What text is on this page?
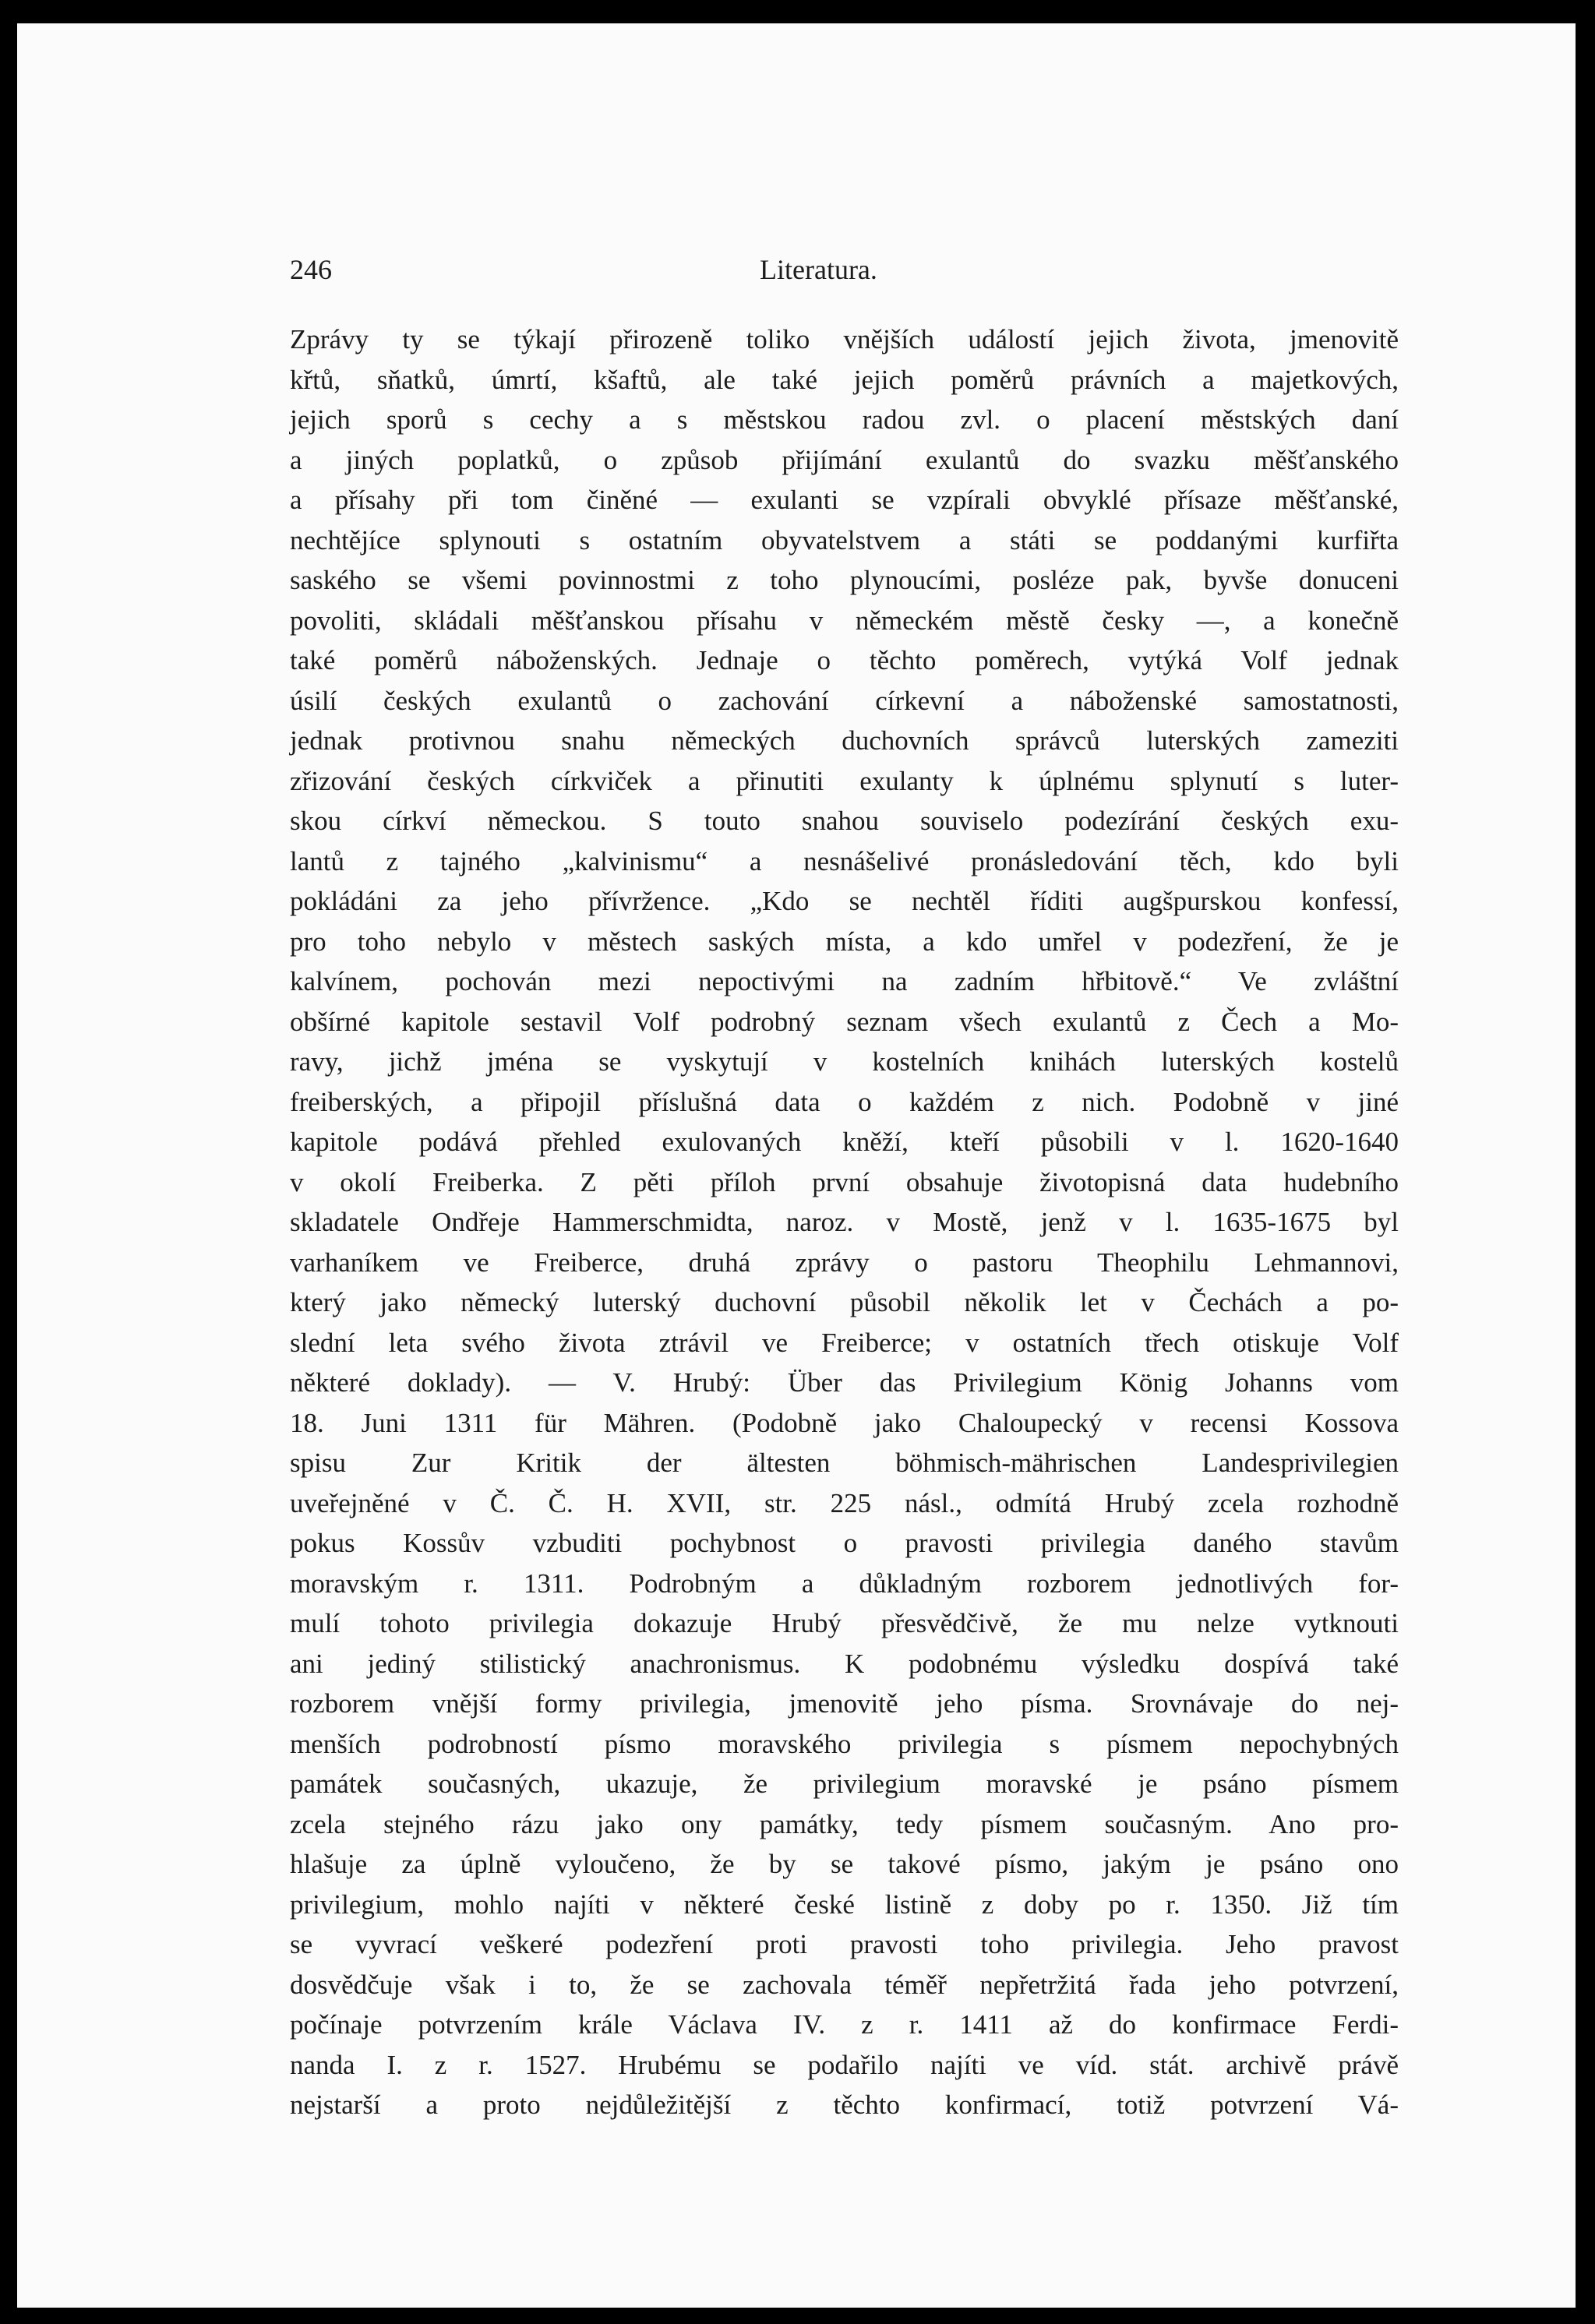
246	Literatura.
Zprávy ty se týkají přirozeně toliko vnějších událostí jejich života, jmenovitě
křtů, sňatků, úmrtí, kšaftů, ale také jejich poměrů právních a majetkových,
jejich sporů s cechy a s městskou radou zvl. o placení městských daní
a jiných poplatků, o způsob přijímání exulantů do svazku měšťanského
a přísahy při tom činěné — exulanti se vzpírali obvyklé přísaze měšťanské,
nechtějíce splynouti s ostatním obyvatelstvem a státi se poddanými kurfiřta
saského se všemi povinnostmi z toho plynoucími, posléze pak, byvše donuceni
povoliti, skládali měšťanskou přísahu v německém městě česky —, a konečně
také poměrů náboženských. Jednaje o těchto poměrech, vytýká Volf jednak
úsilí českých exulantů o zachování církevní a náboženské samostatnosti,
jednak protivnou snahu německých duchovních správců luterských zameziti
zřizování českých církviček a přinutiti exulanty k úplnému splynutí s luter-
skou církví německou. S touto snahou souviselo podezírání českých exu-
lantů z tajného „kalvinismu“ a nesnášelivé pronásledování těch, kdo byli
pokládáni za jeho přívržence. „Kdo se nechtěl říditi augšpurskou konfessí,
pro toho nebylo v městech saských místa, a kdo umřel v podezření, že je
kalvínem, pochován mezi nepoctivými na zadním hřbitově.“ Ve zvláštní
obšírné kapitole sestavil Volf podrobný seznam všech exulantů z Čech a Mo-
ravy, jichž jména se vyskytují v kostelních knihách luterských kostelů
freiberských, a připojil příslušná data o každém z nich. Podobně v jiné
kapitole podává přehled exulovaných kněží, kteří působili v l. 1620-1640
v okolí Freiberka. Z pěti příloh první obsahuje životopisná data hudebního
skladatele Ondřeje Hammerschmidta, naroz. v Mostě, jenž v l. 1635-1675 byl
varhaníkem ve Freiberce, druhá zprávy o pastoru Theophilu Lehmannovi,
který jako německý luterský duchovní působil několik let v Čechách a po-
slední leta svého života ztrávil ve Freiberce; v ostatních třech otiskuje Volf
některé doklady). — V. Hrubý: Über das Privilegium König Johanns vom
18. Juni 1311 für Mähren. (Podobně jako Chaloupecký v recensi Kossova
spisu Zur Kritik der ältesten böhmisch-mährischen Landesprivilegien
uveřejněné v Č. Č. H. XVII, str. 225 násl., odmítá Hrubý zcela rozhodně
pokus Kossův vzbuditi pochybnost o pravosti privilegia daného stavům
moravským r. 1311. Podrobným a důkladným rozborem jednotlivých for-
mulí tohoto privilegia dokazuje Hrubý přesvědčivě, že mu nelze vytknouti
ani jediný stilistický anachronismus. K podobnému výsledku dospívá také
rozborem vnější formy privilegia, jmenovitě jeho písma. Srovnávaje do nej-
menších podrobností písmo moravského privilegia s písmem nepochybných
památek současných, ukazuje, že privilegium moravské je psáno písmem
zcela stejného rázu jako ony památky, tedy písmem současným. Ano pro-
hlašuje za úplně vyloučeno, že by se takové písmo, jakým je psáno ono
privilegium, mohlo najíti v některé české listině z doby po r. 1350. Již tím
se vyvrací veškeré podezření proti pravosti toho privilegia. Jeho pravost
dosvědčuje však i to, že se zachovala téměř nepřetržitá řada jeho potvrzení,
počínaje potvrzením krále Václava IV. z r. 1411 až do konfirmace Ferdi-
nanda I. z r. 1527. Hrubému se podařilo najíti ve víd. stát. archivě právě
nejstarší a proto nejdůležitější z těchto konfirmací, totiž potvrzení Vá-
